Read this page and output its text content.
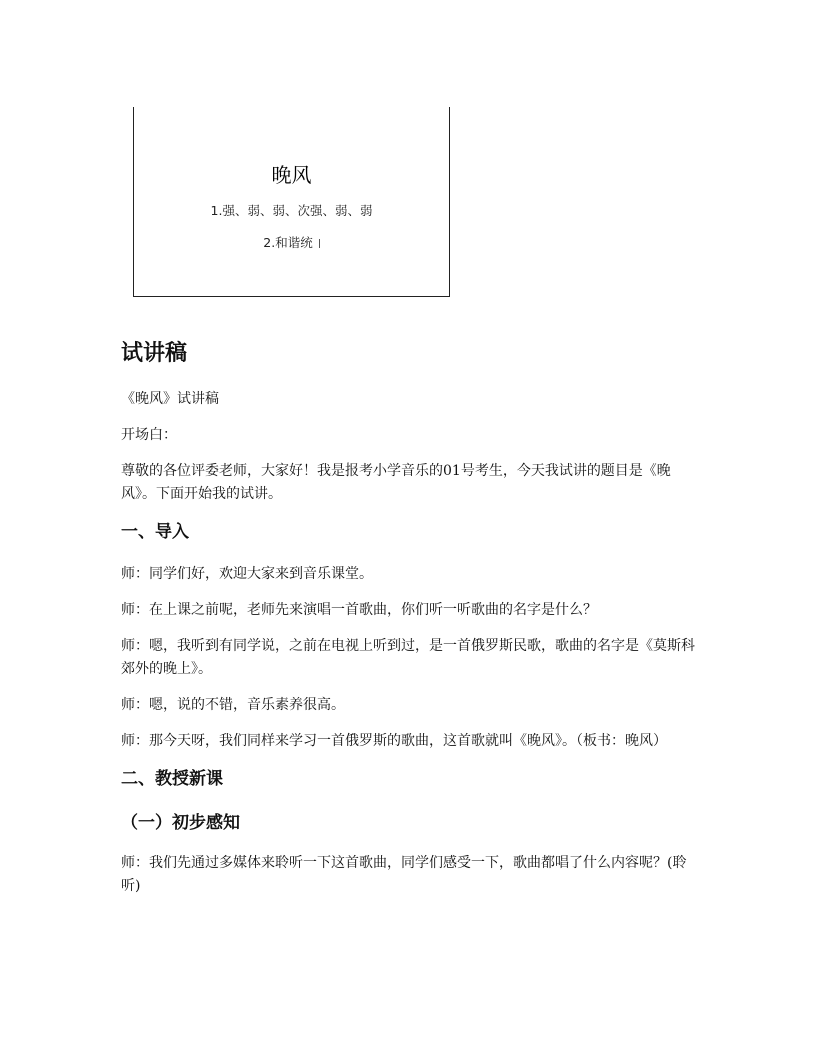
晚风
1.强、弱、弱、次强、弱、弱
2.和谐统
试讲稿

《晚风》试讲稿

开场白：

尊敬的各位评委老师，大家好！我是报考小学音乐的01号考生，今天我试讲的题目是《晚风》。下面开始我的试讲。

一、导入

师：同学们好，欢迎大家来到音乐课堂。

师：在上课之前呢，老师先来演唱一首歌曲，你们听一听歌曲的名字是什么？

师：嗯，我听到有同学说，之前在电视上听到过，是一首俄罗斯民歌，歌曲的名字是《莫斯科郊外的晚上》。

师：嗯，说的不错，音乐素养很高。

师：那今天呀，我们同样来学习一首俄罗斯的歌曲，这首歌就叫《晚风》。（板书：晚风）

二、教授新课
（一）初步感知

师：我们先通过多媒体来聆听一下这首歌曲，同学们感受一下，歌曲都唱了什么内容呢？(聆听)
